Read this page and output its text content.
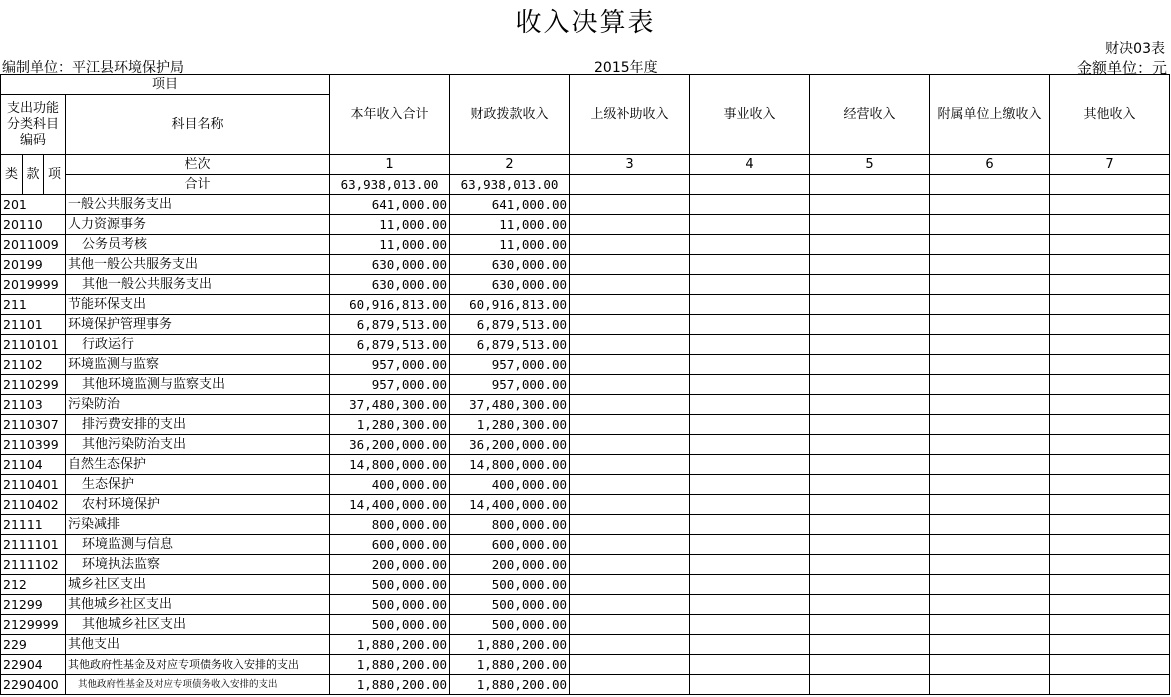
收入决算表
财决03表
编制单位：平江县环境保护局	2015年度	金额单位：元
项目				本年收入合计	财政拨款收入	上级补助收入	事业收入	经营收入	附属单位上缴收入	其他收入
支出功能分类科目编码			科目名称							
类	款	项	栏次	1	2	3	4	5	6	7
			合计	63,938,013.00	63,938,013.00					
201			一般公共服务支出	641,000.00	641,000.00					
20110			人力资源事务	11,000.00	11,000.00					
2011009			公务员考核	11,000.00	11,000.00					
20199			其他一般公共服务支出	630,000.00	630,000.00					
2019999			其他一般公共服务支出	630,000.00	630,000.00					
211			节能环保支出	60,916,813.00	60,916,813.00					
21101			环境保护管理事务	6,879,513.00	6,879,513.00					
2110101			行政运行	6,879,513.00	6,879,513.00					
21102			环境监测与监察	957,000.00	957,000.00					
2110299			其他环境监测与监察支出	957,000.00	957,000.00					
21103			污染防治	37,480,300.00	37,480,300.00					
2110307			排污费安排的支出	1,280,300.00	1,280,300.00					
2110399			其他污染防治支出	36,200,000.00	36,200,000.00					
21104			自然生态保护	14,800,000.00	14,800,000.00					
2110401			生态保护	400,000.00	400,000.00					
2110402			农村环境保护	14,400,000.00	14,400,000.00					
21111			污染减排	800,000.00	800,000.00					
2111101			环境监测与信息	600,000.00	600,000.00					
2111102			环境执法监察	200,000.00	200,000.00					
212			城乡社区支出	500,000.00	500,000.00					
21299			其他城乡社区支出	500,000.00	500,000.00					
2129999			其他城乡社区支出	500,000.00	500,000.00					
229			其他支出	1,880,200.00	1,880,200.00					
22904			其他政府性基金及对应专项债务收入安排的支出	1,880,200.00	1,880,200.00					
2290400			其他政府性基金及对应专项债务收入安排的支出	1,880,200.00	1,880,200.00					
